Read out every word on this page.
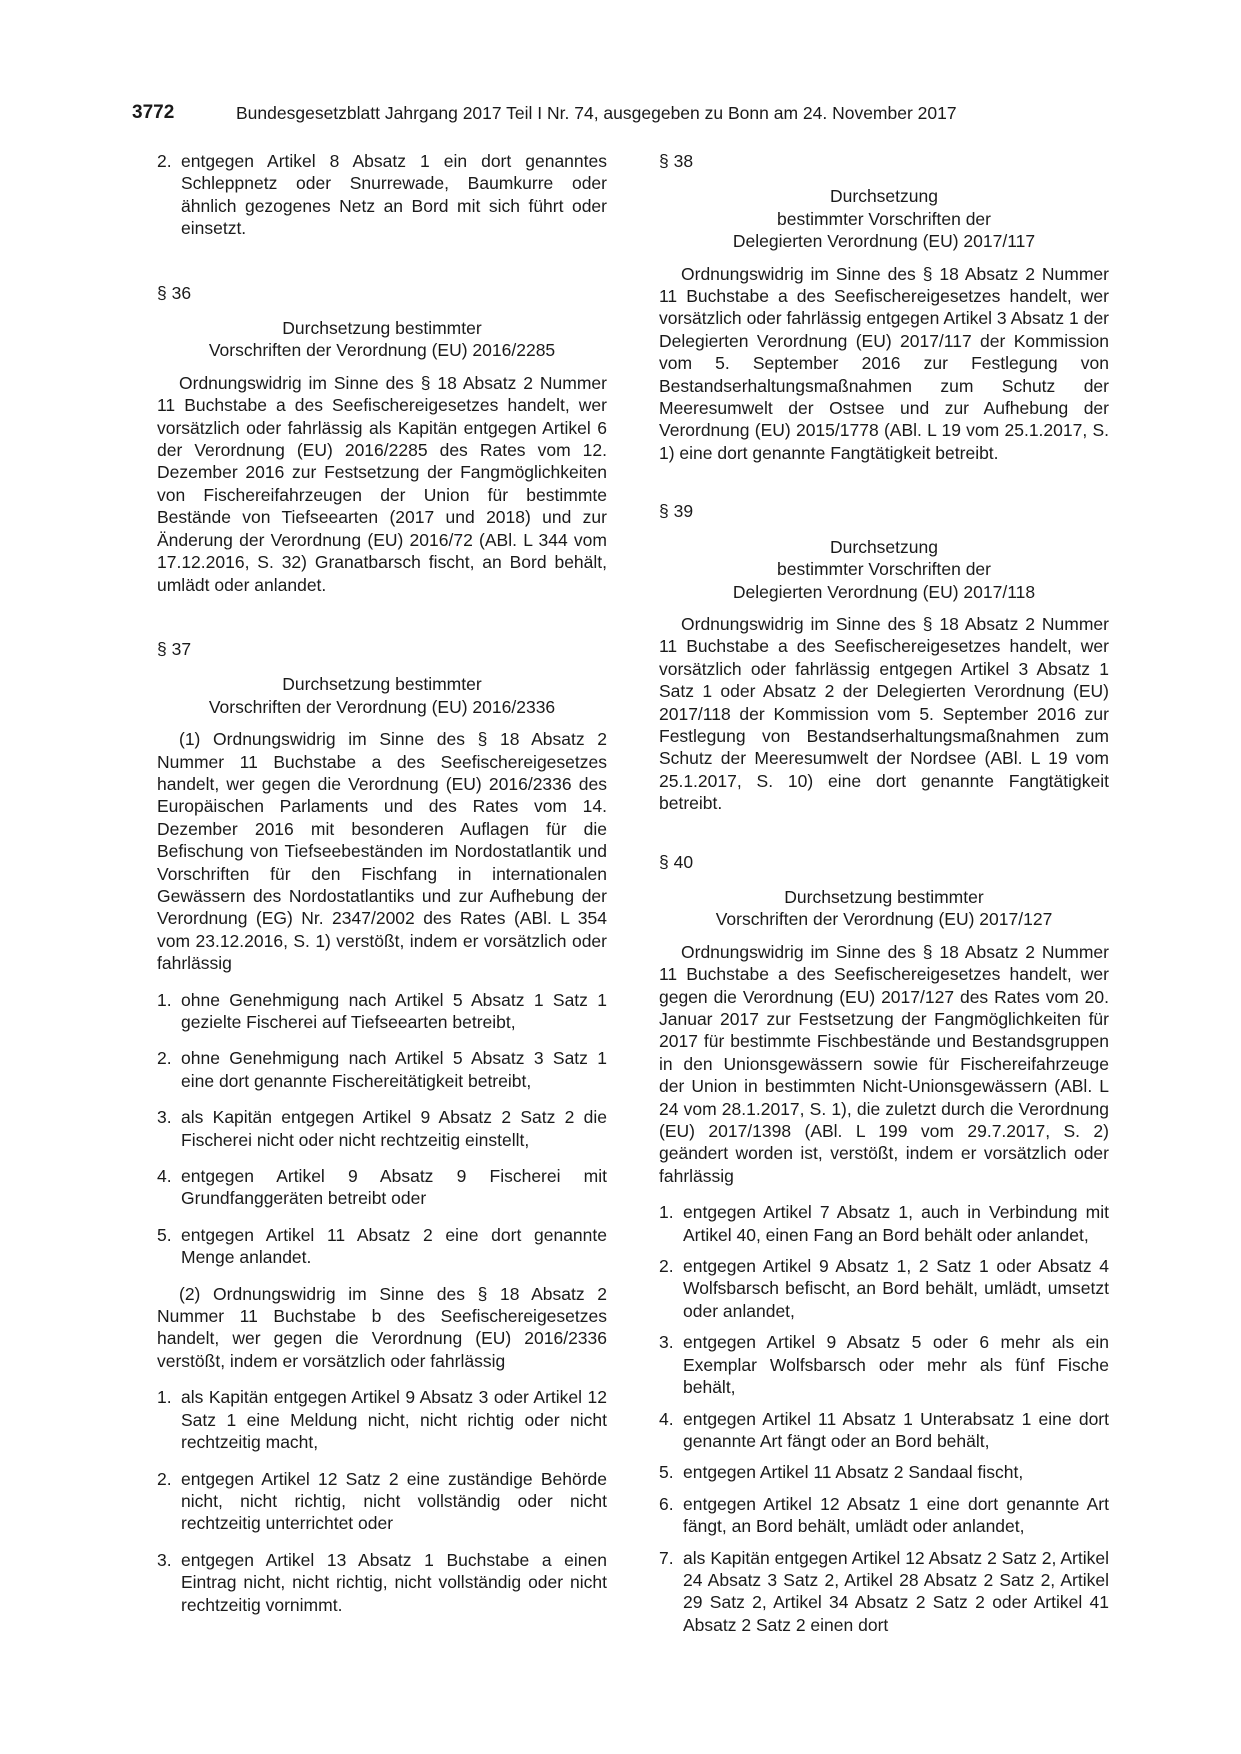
3772	Bundesgesetzblatt Jahrgang 2017 Teil I Nr. 74, ausgegeben zu Bonn am 24. November 2017
2. entgegen Artikel 8 Absatz 1 ein dort genanntes Schleppnetz oder Snurrewade, Baumkurre oder ähnlich gezogenes Netz an Bord mit sich führt oder einsetzt.

§ 36

Durchsetzung bestimmter
Vorschriften der Verordnung (EU) 2016/2285

Ordnungswidrig im Sinne des § 18 Absatz 2 Nummer 11 Buchstabe a des Seefischereigesetzes handelt, wer vorsätzlich oder fahrlässig als Kapitän entgegen Artikel 6 der Verordnung (EU) 2016/2285 des Rates vom 12. Dezember 2016 zur Festsetzung der Fangmöglichkeiten von Fischereifahrzeugen der Union für bestimmte Bestände von Tiefseearten (2017 und 2018) und zur Änderung der Verordnung (EU) 2016/72 (ABl. L 344 vom 17.12.2016, S. 32) Granatbarsch fischt, an Bord behält, umlädt oder anlandet.

§ 37

Durchsetzung bestimmter
Vorschriften der Verordnung (EU) 2016/2336

(1) Ordnungswidrig im Sinne des § 18 Absatz 2 Nummer 11 Buchstabe a des Seefischereigesetzes handelt, wer gegen die Verordnung (EU) 2016/2336 des Europäischen Parlaments und des Rates vom 14. Dezember 2016 mit besonderen Auflagen für die Befischung von Tiefseebeständen im Nordostatlantik und Vorschriften für den Fischfang in internationalen Gewässern des Nordostatlantiks und zur Aufhebung der Verordnung (EG) Nr. 2347/2002 des Rates (ABl. L 354 vom 23.12.2016, S. 1) verstößt, indem er vorsätzlich oder fahrlässig

1. ohne Genehmigung nach Artikel 5 Absatz 1 Satz 1 gezielte Fischerei auf Tiefseearten betreibt,
2. ohne Genehmigung nach Artikel 5 Absatz 3 Satz 1 eine dort genannte Fischereitätigkeit betreibt,
3. als Kapitän entgegen Artikel 9 Absatz 2 Satz 2 die Fischerei nicht oder nicht rechtzeitig einstellt,
4. entgegen Artikel 9 Absatz 9 Fischerei mit Grundfanggeräten betreibt oder
5. entgegen Artikel 11 Absatz 2 eine dort genannte Menge anlandet.

(2) Ordnungswidrig im Sinne des § 18 Absatz 2 Nummer 11 Buchstabe b des Seefischereigesetzes handelt, wer gegen die Verordnung (EU) 2016/2336 verstößt, indem er vorsätzlich oder fahrlässig

1. als Kapitän entgegen Artikel 9 Absatz 3 oder Artikel 12 Satz 1 eine Meldung nicht, nicht richtig oder nicht rechtzeitig macht,
2. entgegen Artikel 12 Satz 2 eine zuständige Behörde nicht, nicht richtig, nicht vollständig oder nicht rechtzeitig unterrichtet oder
3. entgegen Artikel 13 Absatz 1 Buchstabe a einen Eintrag nicht, nicht richtig, nicht vollständig oder nicht rechtzeitig vornimmt.

§ 38

Durchsetzung
bestimmter Vorschriften der
Delegierten Verordnung (EU) 2017/117

Ordnungswidrig im Sinne des § 18 Absatz 2 Nummer 11 Buchstabe a des Seefischereigesetzes handelt, wer vorsätzlich oder fahrlässig entgegen Artikel 3 Absatz 1 der Delegierten Verordnung (EU) 2017/117 der Kommission vom 5. September 2016 zur Festlegung von Bestandserhaltungsmaßnahmen zum Schutz der Meeresumwelt der Ostsee und zur Aufhebung der Verordnung (EU) 2015/1778 (ABl. L 19 vom 25.1.2017, S. 1) eine dort genannte Fangtätigkeit betreibt.

§ 39

Durchsetzung
bestimmter Vorschriften der
Delegierten Verordnung (EU) 2017/118

Ordnungswidrig im Sinne des § 18 Absatz 2 Nummer 11 Buchstabe a des Seefischereigesetzes handelt, wer vorsätzlich oder fahrlässig entgegen Artikel 3 Absatz 1 Satz 1 oder Absatz 2 der Delegierten Verordnung (EU) 2017/118 der Kommission vom 5. September 2016 zur Festlegung von Bestandserhaltungsmaßnahmen zum Schutz der Meeresumwelt der Nordsee (ABl. L 19 vom 25.1.2017, S. 10) eine dort genannte Fangtätigkeit betreibt.

§ 40

Durchsetzung bestimmter
Vorschriften der Verordnung (EU) 2017/127

Ordnungswidrig im Sinne des § 18 Absatz 2 Nummer 11 Buchstabe a des Seefischereigesetzes handelt, wer gegen die Verordnung (EU) 2017/127 des Rates vom 20. Januar 2017 zur Festsetzung der Fangmöglichkeiten für 2017 für bestimmte Fischbestände und Bestandsgruppen in den Unionsgewässern sowie für Fischereifahrzeuge der Union in bestimmten Nicht-Unionsgewässern (ABl. L 24 vom 28.1.2017, S. 1), die zuletzt durch die Verordnung (EU) 2017/1398 (ABl. L 199 vom 29.7.2017, S. 2) geändert worden ist, verstößt, indem er vorsätzlich oder fahrlässig

1. entgegen Artikel 7 Absatz 1, auch in Verbindung mit Artikel 40, einen Fang an Bord behält oder anlandet,
2. entgegen Artikel 9 Absatz 1, 2 Satz 1 oder Absatz 4 Wolfsbarsch befischt, an Bord behält, umlädt, umsetzt oder anlandet,
3. entgegen Artikel 9 Absatz 5 oder 6 mehr als ein Exemplar Wolfsbarsch oder mehr als fünf Fische behält,
4. entgegen Artikel 11 Absatz 1 Unterabsatz 1 eine dort genannte Art fängt oder an Bord behält,
5. entgegen Artikel 11 Absatz 2 Sandaal fischt,
6. entgegen Artikel 12 Absatz 1 eine dort genannte Art fängt, an Bord behält, umlädt oder anlandet,
7. als Kapitän entgegen Artikel 12 Absatz 2 Satz 2, Artikel 24 Absatz 3 Satz 2, Artikel 28 Absatz 2 Satz 2, Artikel 29 Satz 2, Artikel 34 Absatz 2 Satz 2 oder Artikel 41 Absatz 2 Satz 2 einen dort
